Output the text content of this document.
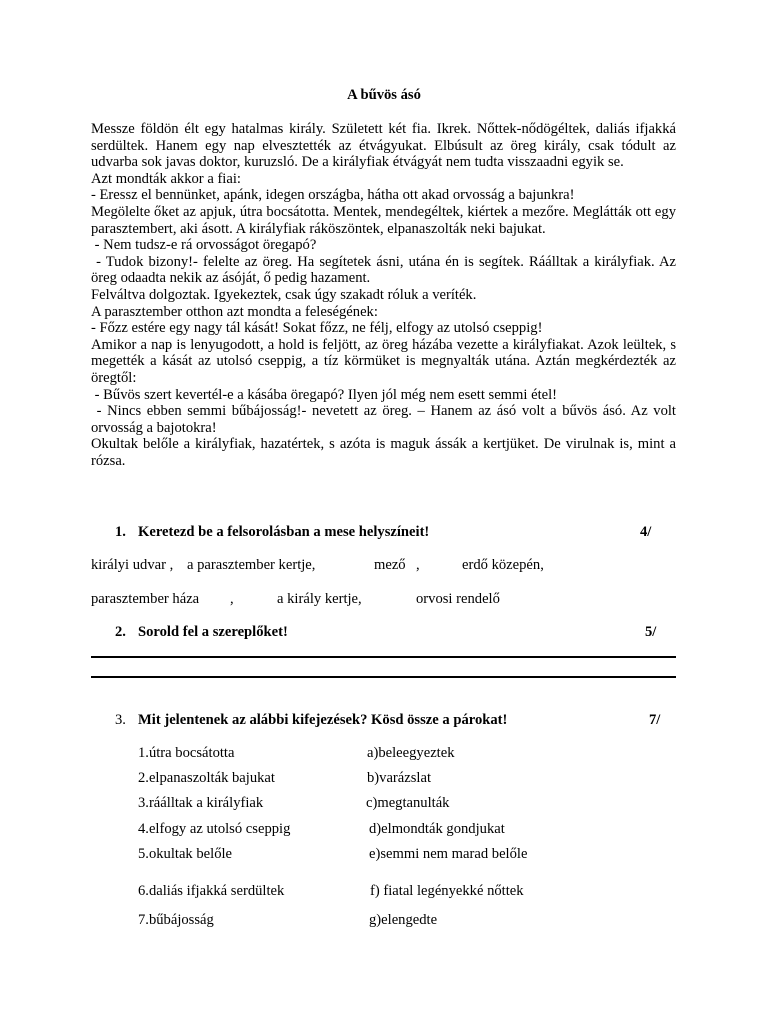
A bűvös ásó

Messze földön élt egy hatalmas király. Született két fia. Ikrek. Nőttek-nődögéltek, daliás ifjakká serdültek. Hanem egy nap elvesztették az étvágyukat. Elbúsult az öreg király, csak tódult az udvarba sok javas doktor, kuruzsló. De a királyfiak étvágyát nem tudta visszaadni egyik se.

Azt mondták akkor a fiai:

- Eressz el bennünket, apánk, idegen országba, hátha ott akad orvosság a bajunkra!

Megölelte őket az apjuk, útra bocsátotta. Mentek, mendegéltek, kiértek a mezőre. Meglátták ott egy parasztembert, aki ásott. A királyfiak ráköszöntek, elpanaszolták neki bajukat.

- Nem tudsz-e rá orvosságot öregapó?

- Tudok bizony!- felelte az öreg. Ha segítetek ásni, utána én is segítek. Ráálltak a királyfiak. Az öreg odaadta nekik az ásóját, ő pedig hazament.

Felváltva dolgoztak. Igyekeztek, csak úgy szakadt róluk a veríték.

A parasztember otthon azt mondta a feleségének:

- Főzz estére egy nagy tál kását! Sokat főzz, ne félj, elfogy az utolsó cseppig!

Amikor a nap is lenyugodott, a hold is feljött, az öreg házába vezette a királyfiakat. Azok leültek, s megették a kását az utolsó cseppig, a tíz körmüket is megnyalták utána. Aztán megkérdezték az öregtől:

- Bűvös szert kevertél-e a kásába öregapó? Ilyen jól még nem esett semmi étel!

- Nincs ebben semmi bűbájosság!- nevetett az öreg. – Hanem az ásó volt a bűvös ásó. Az volt orvosság a bajotokra!

Okultak belőle a királyfiak, hazatértek, s azóta is maguk ássák a kertjüket. De virulnak is, mint a rózsa.

1. Keretezd be a felsorolásban a mese helyszíneit!	4/
királyi udvar , a parasztember kertje,	mező ,	erdő közepén,
parasztember háza ,	a király kertje,	orvosi rendelő
2. Sorold fel a szereplőket!	5/
3. Mit jelentenek az alábbi kifejezések? Kösd össze a párokat!	7/
1.útra bocsátotta	a)beleegyeztek
2.elpanaszolták bajukat	b)varázslat
3.ráálltak a királyfiak	c)megtanulták
4.elfogy az utolsó cseppig	d)elmondták gondjukat
5.okultak belőle	e)semmi nem marad belőle
6.daliás ifjakká serdültek	f) fiatal legényekké nőttek
7.bűbájosság	g)elengedte
